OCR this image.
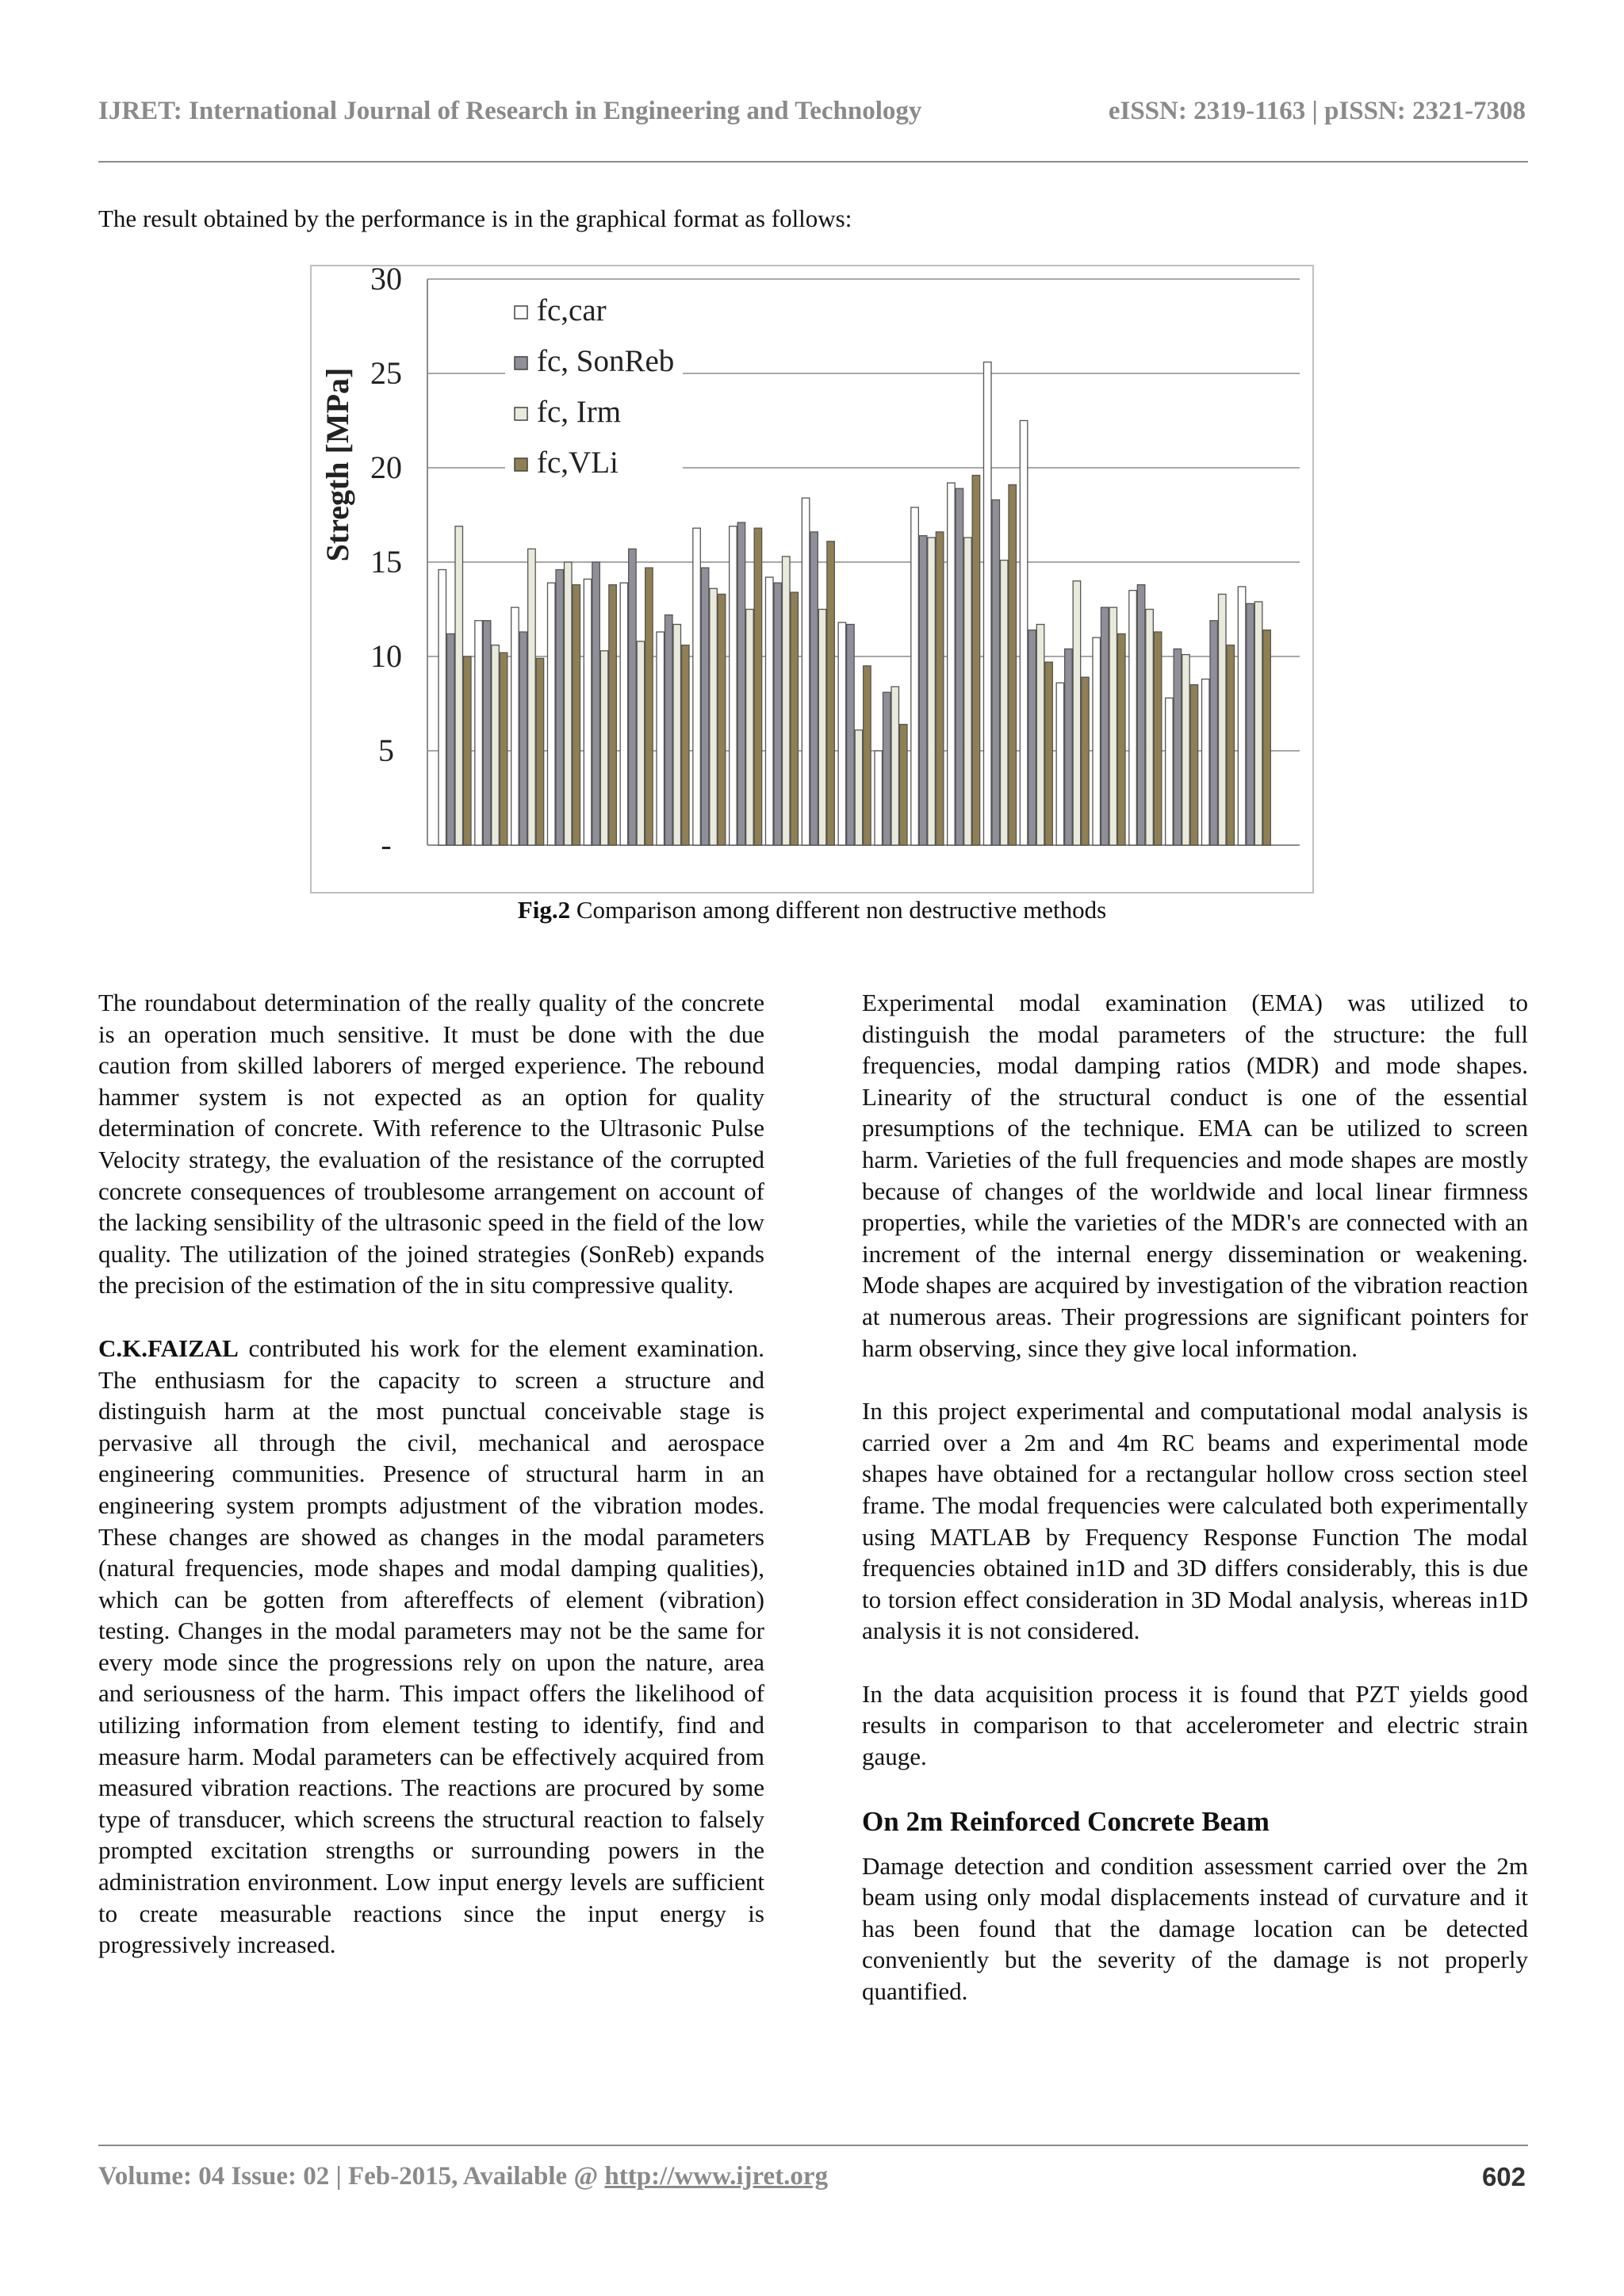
IJRET: International Journal of Research in Engineering and Technology	eISSN: 2319-1163 | pISSN: 2321-7308
The result obtained by the performance is in the graphical format as follows:
-
5
10
15
20
25
30
Stregth [MPa]
fc,car
fc, SonReb
fc, Irm
fc,VLi
Fig.2 Comparison among different non destructive methods

The roundabout determination of the really quality of the concrete is an operation much sensitive. It must be done with the due caution from skilled laborers of merged experience. The rebound hammer system is not expected as an option for quality determination of concrete. With reference to the Ultrasonic Pulse Velocity strategy, the evaluation of the resistance of the corrupted concrete consequences of troublesome arrangement on account of the lacking sensibility of the ultrasonic speed in the field of the low quality. The utilization of the joined strategies (SonReb) expands the precision of the estimation of the in situ compressive quality.

C.K.FAIZAL contributed his work for the element examination. The enthusiasm for the capacity to screen a structure and distinguish harm at the most punctual conceivable stage is pervasive all through the civil, mechanical and aerospace engineering communities. Presence of structural harm in an engineering system prompts adjustment of the vibration modes. These changes are showed as changes in the modal parameters (natural frequencies, mode shapes and modal damping qualities), which can be gotten from aftereffects of element (vibration) testing. Changes in the modal parameters may not be the same for every mode since the progressions rely on upon the nature, area and seriousness of the harm. This impact offers the likelihood of utilizing information from element testing to identify, find and measure harm. Modal parameters can be effectively acquired from measured vibration reactions. The reactions are procured by some type of transducer, which screens the structural reaction to falsely prompted excitation strengths or surrounding powers in the administration environment. Low input energy levels are sufficient to create measurable reactions since the input energy is progressively increased.

Experimental modal examination (EMA) was utilized to distinguish the modal parameters of the structure: the full frequencies, modal damping ratios (MDR) and mode shapes. Linearity of the structural conduct is one of the essential presumptions of the technique. EMA can be utilized to screen harm. Varieties of the full frequencies and mode shapes are mostly because of changes of the worldwide and local linear firmness properties, while the varieties of the MDR's are connected with an increment of the internal energy dissemination or weakening. Mode shapes are acquired by investigation of the vibration reaction at numerous areas. Their progressions are significant pointers for harm observing, since they give local information.

In this project experimental and computational modal analysis is carried over a 2m and 4m RC beams and experimental mode shapes have obtained for a rectangular hollow cross section steel frame. The modal frequencies were calculated both experimentally using MATLAB by Frequency Response Function The modal frequencies obtained in1D and 3D differs considerably, this is due to torsion effect consideration in 3D Modal analysis, whereas in1D analysis it is not considered.

In the data acquisition process it is found that PZT yields good results in comparison to that accelerometer and electric strain gauge.

On 2m Reinforced Concrete Beam

Damage detection and condition assessment carried over the 2m beam using only modal displacements instead of curvature and it has been found that the damage location can be detected conveniently but the severity of the damage is not properly quantified.

Volume: 04 Issue: 02 | Feb-2015, Available @ http://www.ijret.org	602
